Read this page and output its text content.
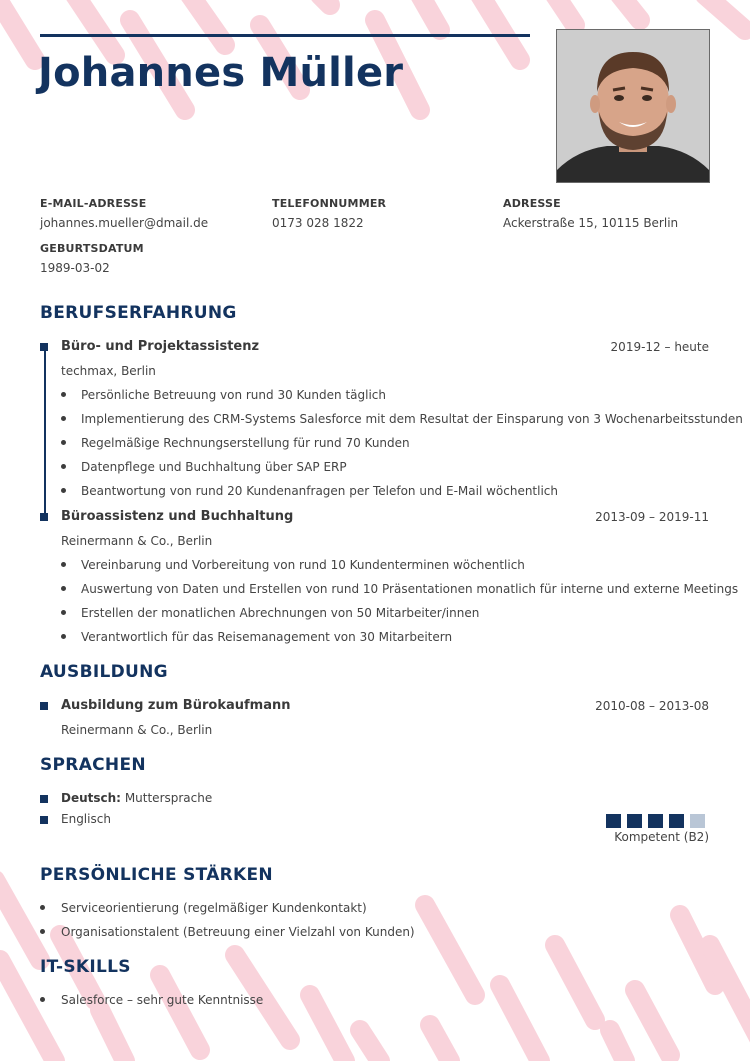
Johannes Müller
E-MAIL-ADRESSE
johannes.mueller@dmail.de
TELEFONNUMMER
0173 028 1822
ADRESSE
Ackerstraße 15, 10115 Berlin
GEBURTSDATUM
1989-03-02
BERUFSERFAHRUNG
Büro- und Projektassistenz	2019-12 – heute
techmax, Berlin
Persönliche Betreuung von rund 30 Kunden täglich
Implementierung des CRM-Systems Salesforce mit dem Resultat der Einsparung von 3 Wochenarbeitsstunden
Regelmäßige Rechnungserstellung für rund 70 Kunden
Datenpflege und Buchhaltung über SAP ERP
Beantwortung von rund 20 Kundenanfragen per Telefon und E-Mail wöchentlich
Büroassistenz und Buchhaltung	2013-09 – 2019-11
Reinermann & Co., Berlin
Vereinbarung und Vorbereitung von rund 10 Kundenterminen wöchentlich
Auswertung von Daten und Erstellen von rund 10 Präsentationen monatlich für interne und externe Meetings
Erstellen der monatlichen Abrechnungen von 50 Mitarbeiter/innen
Verantwortlich für das Reisemanagement von 30 Mitarbeitern
AUSBILDUNG
Ausbildung zum Bürokaufmann	2010-08 – 2013-08
Reinermann & Co., Berlin
SPRACHEN
Deutsch: Muttersprache
Englisch
Kompetent (B2)
PERSÖNLICHE STÄRKEN
Serviceorientierung (regelmäßiger Kundenkontakt)
Organisationstalent (Betreuung einer Vielzahl von Kunden)
IT-SKILLS
Salesforce – sehr gute Kenntnisse
